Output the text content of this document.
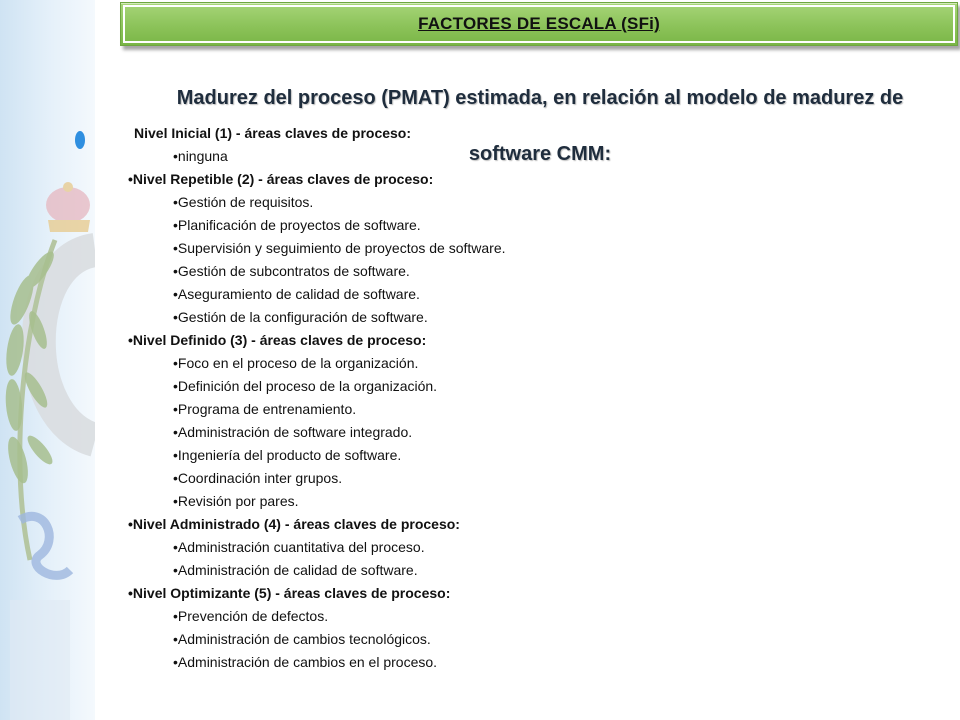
FACTORES DE ESCALA (SFi)
Madurez del proceso (PMAT) estimada, en relación al modelo de madurez de software CMM:
Nivel Inicial (1) - áreas claves de proceso:
•ninguna
•Nivel Repetible (2) - áreas claves de proceso:
•Gestión de requisitos.
•Planificación de proyectos de software.
•Supervisión y seguimiento de proyectos de software.
•Gestión de subcontratos de software.
•Aseguramiento de calidad de software.
•Gestión de la configuración de software.
•Nivel Definido (3) - áreas claves de proceso:
•Foco en el proceso de la organización.
•Definición del proceso de la organización.
•Programa de entrenamiento.
•Administración de software integrado.
•Ingeniería del producto de software.
•Coordinación inter grupos.
•Revisión por pares.
•Nivel Administrado (4) - áreas claves de proceso:
•Administración cuantitativa del proceso.
•Administración de calidad de software.
•Nivel Optimizante (5) - áreas claves de proceso:
•Prevención de defectos.
•Administración de cambios tecnológicos.
•Administración de cambios en el proceso.
